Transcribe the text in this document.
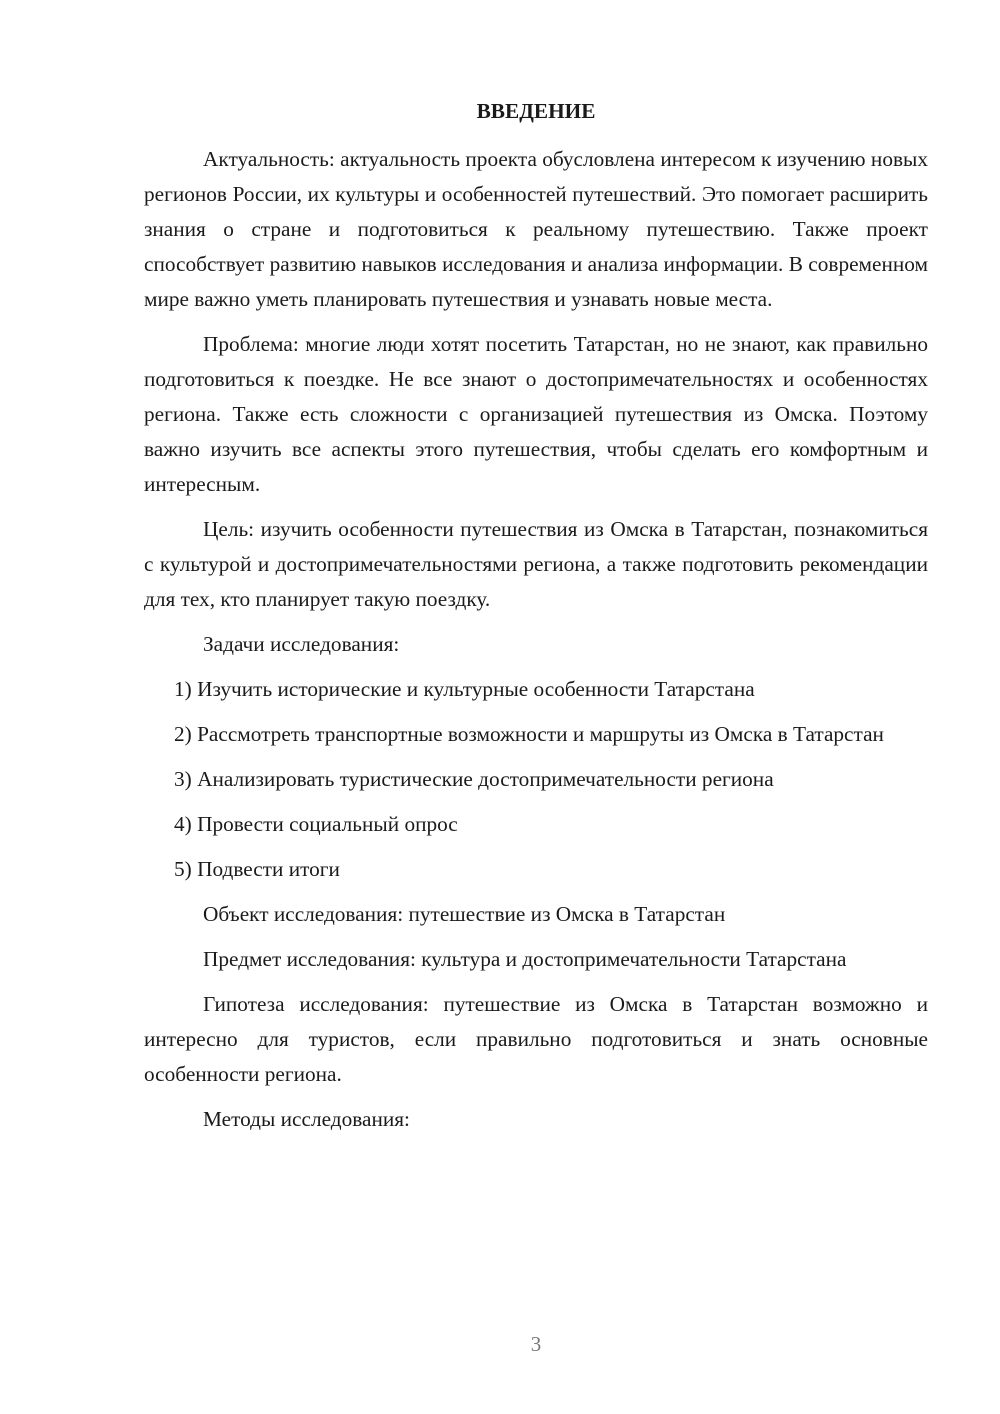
ВВЕДЕНИЕ

Актуальность: актуальность проекта обусловлена интересом к изучению новых регионов России, их культуры и особенностей путешествий. Это помогает расширить знания о стране и подготовиться к реальному путешествию. Также проект способствует развитию навыков исследования и анализа информации. В современном мире важно уметь планировать путешествия и узнавать новые места.

Проблема: многие люди хотят посетить Татарстан, но не знают, как правильно подготовиться к поездке. Не все знают о достопримечательностях и особенностях региона. Также есть сложности с организацией путешествия из Омска. Поэтому важно изучить все аспекты этого путешествия, чтобы сделать его комфортным и интересным.

Цель: изучить особенности путешествия из Омска в Татарстан, познакомиться с культурой и достопримечательностями региона, а также подготовить рекомендации для тех, кто планирует такую поездку.

Задачи исследования:

1) Изучить исторические и культурные особенности Татарстана

2) Рассмотреть транспортные возможности и маршруты из Омска в Татарстан

3) Анализировать туристические достопримечательности региона

4) Провести социальный опрос

5) Подвести итоги

Объект исследования: путешествие из Омска в Татарстан

Предмет исследования: культура и достопримечательности Татарстана

Гипотеза исследования: путешествие из Омска в Татарстан возможно и интересно для туристов, если правильно подготовиться и знать основные особенности региона.

Методы исследования:

3
